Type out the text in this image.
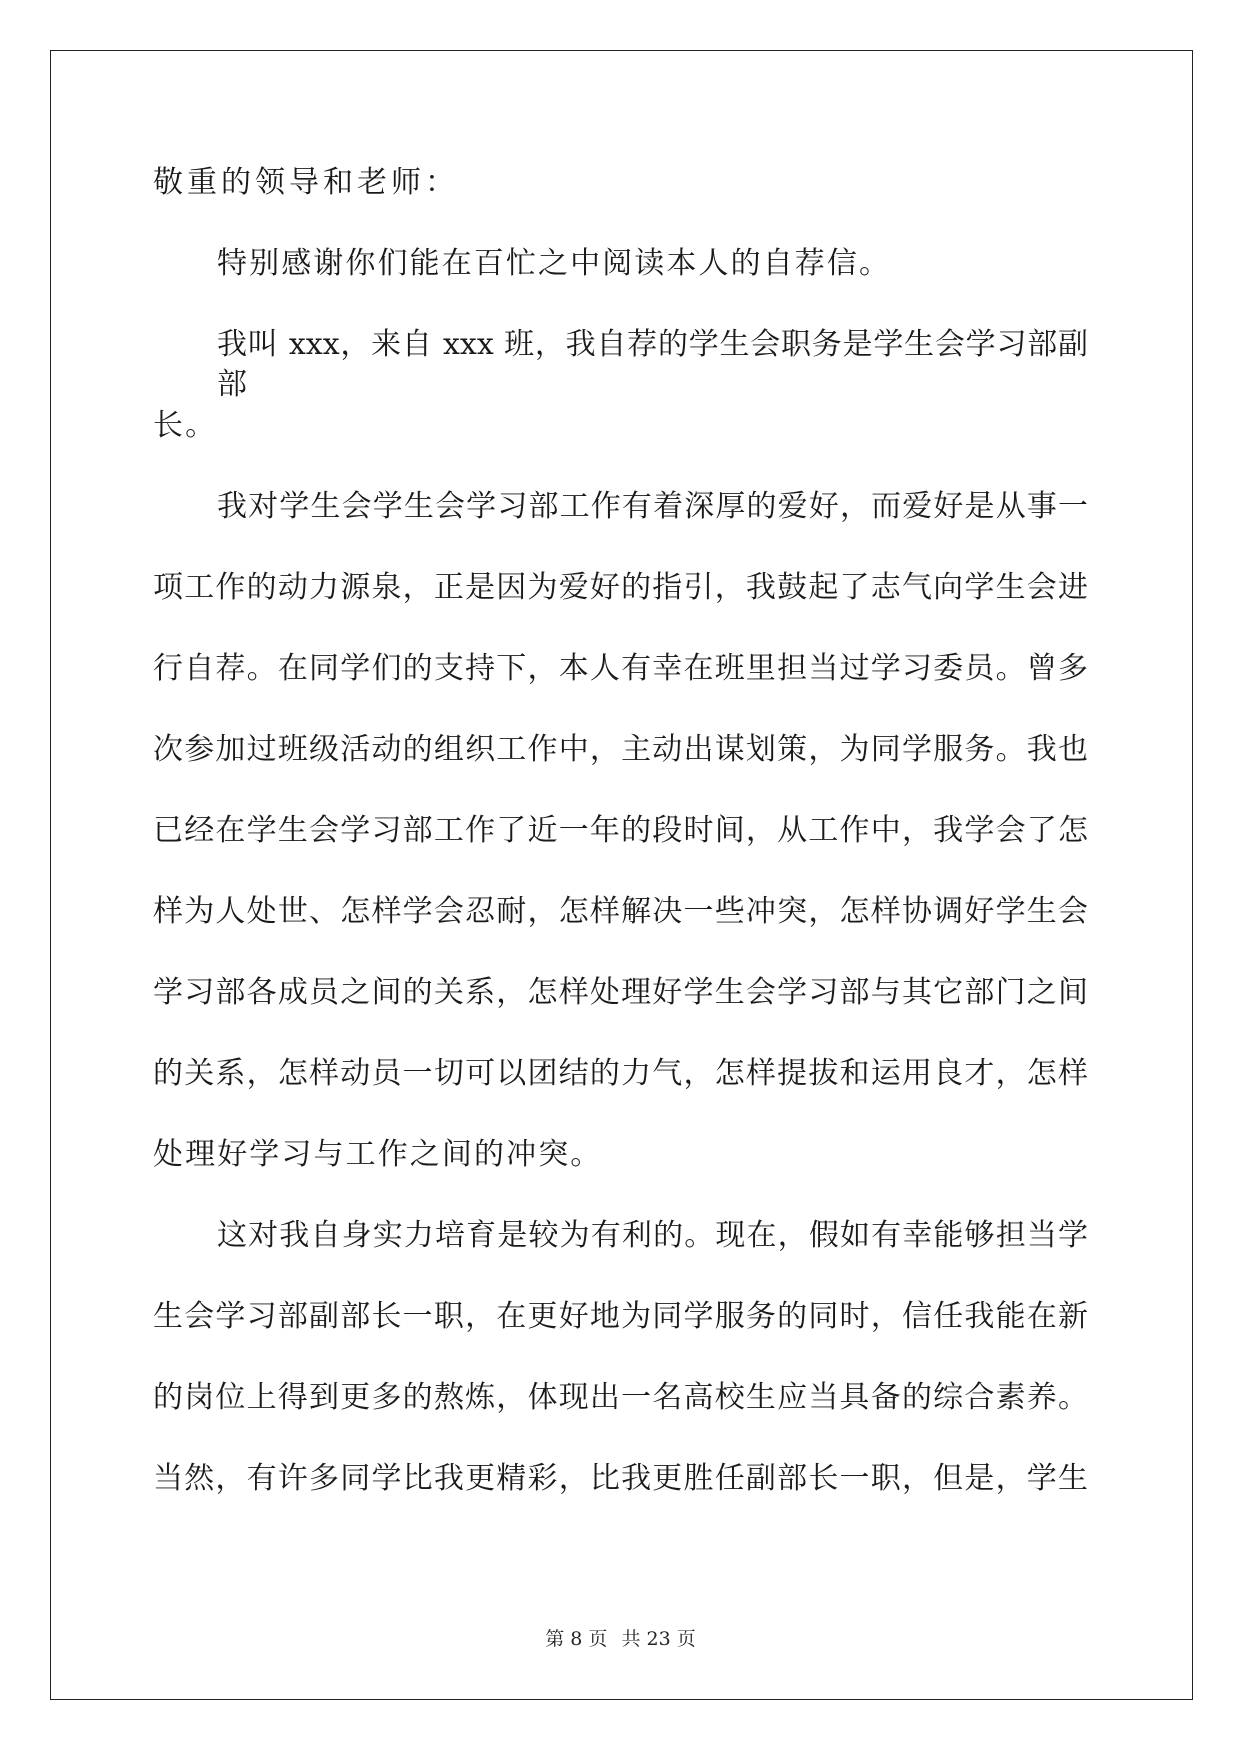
敬重的领导和老师：
特别感谢你们能在百忙之中阅读本人的自荐信。
我叫 xxx，来自 xxx 班，我自荐的学生会职务是学生会学习部副部
长。
我对学生会学生会学习部工作有着深厚的爱好，而爱好是从事一
项工作的动力源泉，正是因为爱好的指引，我鼓起了志气向学生会进
行自荐。在同学们的支持下，本人有幸在班里担当过学习委员。曾多
次参加过班级活动的组织工作中，主动出谋划策，为同学服务。我也
已经在学生会学习部工作了近一年的段时间，从工作中，我学会了怎
样为人处世、怎样学会忍耐，怎样解决一些冲突，怎样协调好学生会
学习部各成员之间的关系，怎样处理好学生会学习部与其它部门之间
的关系，怎样动员一切可以团结的力气，怎样提拔和运用良才，怎样
处理好学习与工作之间的冲突。
这对我自身实力培育是较为有利的。现在，假如有幸能够担当学
生会学习部副部长一职，在更好地为同学服务的同时，信任我能在新
的岗位上得到更多的熬炼，体现出一名高校生应当具备的综合素养。
当然，有许多同学比我更精彩，比我更胜任副部长一职，但是，学生
第 8 页 共 23 页
